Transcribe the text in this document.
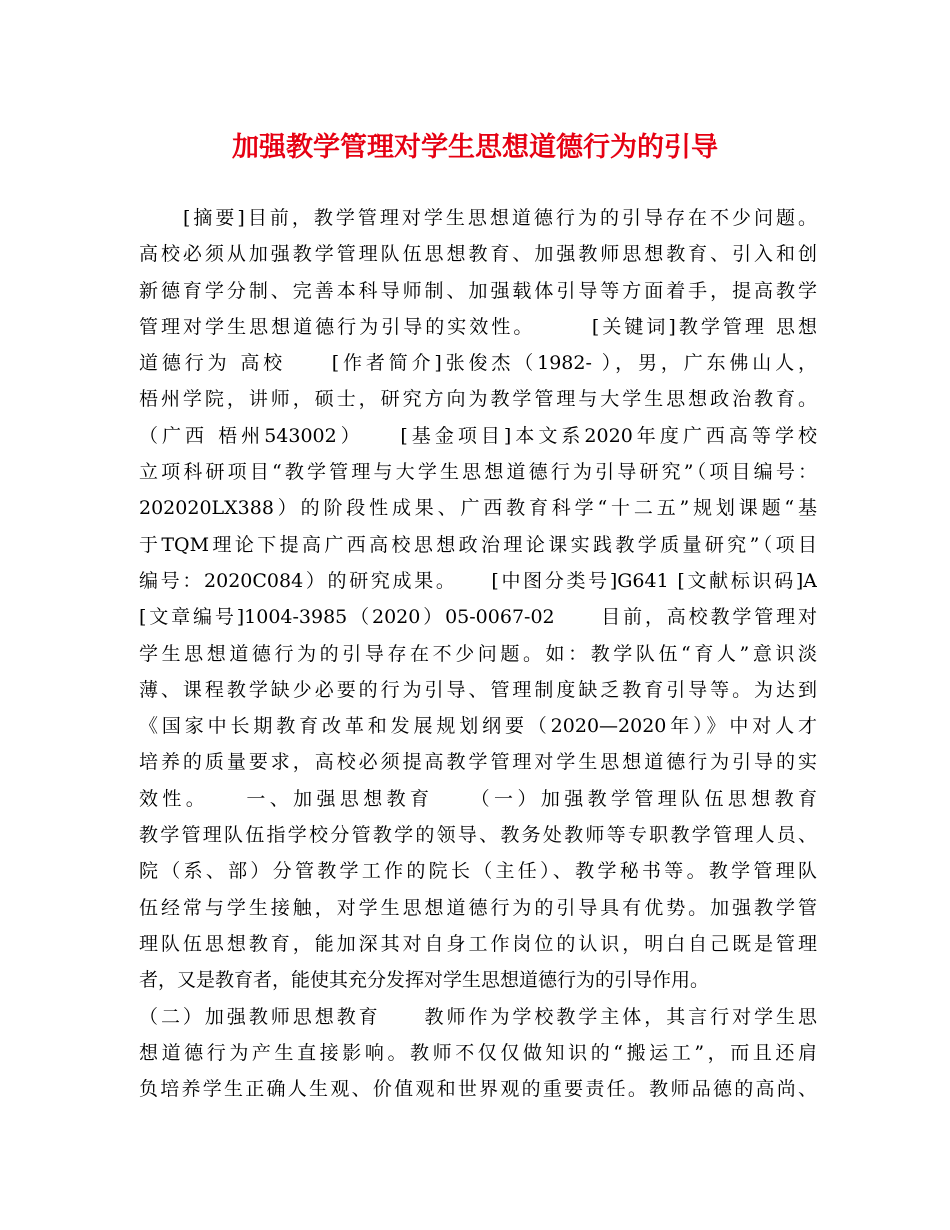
加强教学管理对学生思想道德行为的引导
[摘要]目前，教学管理对学生思想道德行为的引导存在不少问题。
高校必须从加强教学管理队伍思想教育、加强教师思想教育、引入和创
新德育学分制、完善本科导师制、加强载体引导等方面着手，提高教学
管理对学生思想道德行为引导的实效性。　　　[关键词]教学管理 思想
道德行为 高校　　[作者简介]张俊杰（1982- ），男，广东佛山人，
梧州学院，讲师，硕士，研究方向为教学管理与大学生思想政治教育。
（广西 梧州543002）　　[基金项目]本文系2020年度广西高等学校
立项科研项目“教学管理与大学生思想道德行为引导研究”（项目编号：
202020LX388）的阶段性成果、广西教育科学“十二五”规划课题“基
于TQM理论下提高广西高校思想政治理论课实践教学质量研究”（项目
编号：2020C084）的研究成果。　　[中图分类号]G641 [文献标识码]A
[文章编号]1004-3985（2020）05-0067-02　　目前，高校教学管理对
学生思想道德行为的引导存在不少问题。如：教学队伍“育人”意识淡
薄、课程教学缺少必要的行为引导、管理制度缺乏教育引导等。为达到
《国家中长期教育改革和发展规划纲要（2020—2020年）》中对人才
培养的质量要求，高校必须提高教学管理对学生思想道德行为引导的实
效性。　　一、加强思想教育　　（一）加强教学管理队伍思想教育
教学管理队伍指学校分管教学的领导、教务处教师等专职教学管理人员、
院（系、部）分管教学工作的院长（主任）、教学秘书等。教学管理队
伍经常与学生接触，对学生思想道德行为的引导具有优势。加强教学管
理队伍思想教育，能加深其对自身工作岗位的认识，明白自己既是管理
者，又是教育者，能使其充分发挥对学生思想道德行为的引导作用。
（二）加强教师思想教育　　教师作为学校教学主体，其言行对学生思
想道德行为产生直接影响。教师不仅仅做知识的“搬运工”，而且还肩
负培养学生正确人生观、价值观和世界观的重要责任。教师品德的高尚、
